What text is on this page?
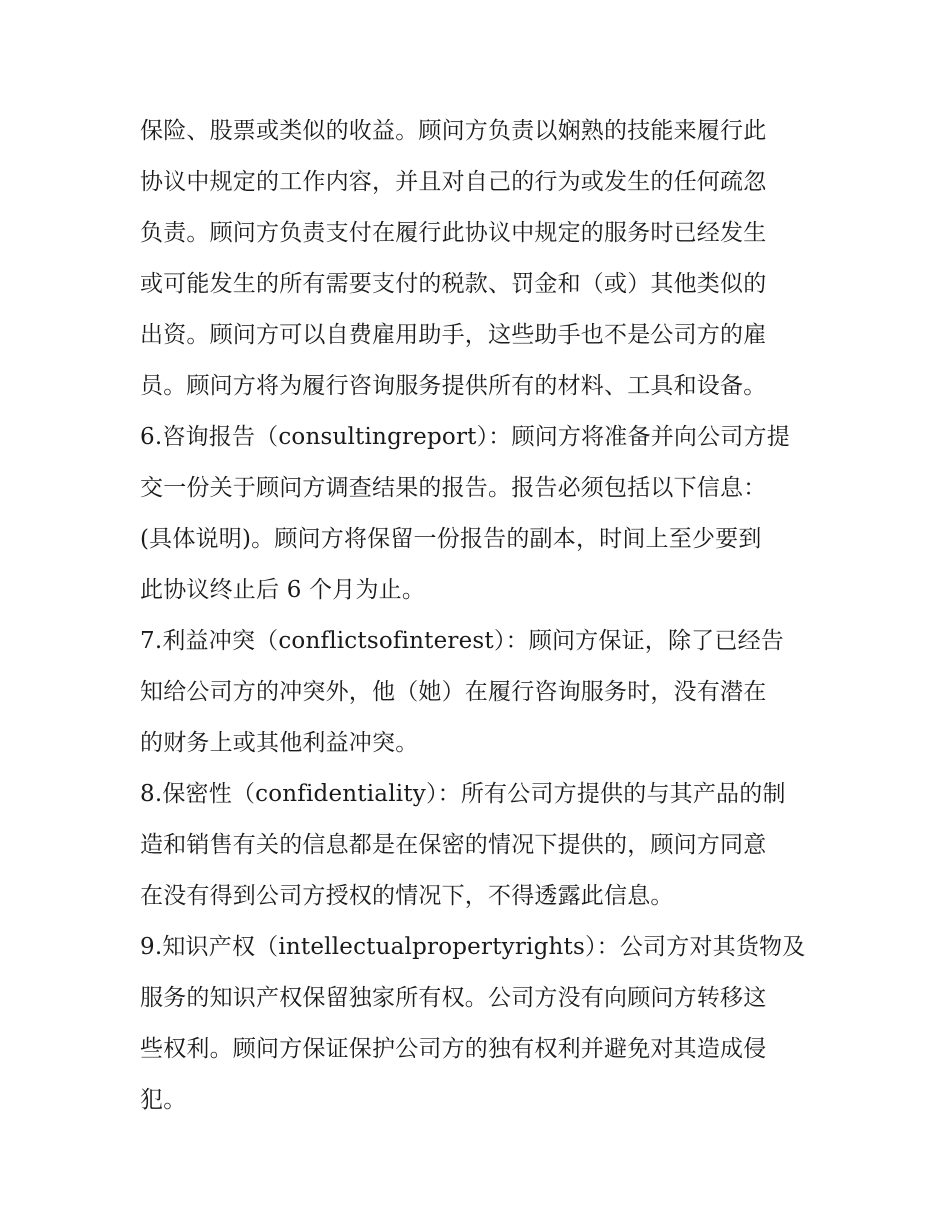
保险、股票或类似的收益。顾问方负责以娴熟的技能来履行此
协议中规定的工作内容，并且对自己的行为或发生的任何疏忽
负责。顾问方负责支付在履行此协议中规定的服务时已经发生
或可能发生的所有需要支付的税款、罚金和（或）其他类似的
出资。顾问方可以自费雇用助手，这些助手也不是公司方的雇
员。顾问方将为履行咨询服务提供所有的材料、工具和设备。
6.咨询报告（consultingreport）：顾问方将准备并向公司方提
交一份关于顾问方调查结果的报告。报告必须包括以下信息：
(具体说明)。顾问方将保留一份报告的副本，时间上至少要到
此协议终止后 6 个月为止。
7.利益冲突（conflictsofinterest）：顾问方保证，除了已经告
知给公司方的冲突外，他（她）在履行咨询服务时，没有潜在
的财务上或其他利益冲突。
8.保密性（confidentiality）：所有公司方提供的与其产品的制
造和销售有关的信息都是在保密的情况下提供的，顾问方同意
在没有得到公司方授权的情况下，不得透露此信息。
9.知识产权（intellectualpropertyrights）：公司方对其货物及
服务的知识产权保留独家所有权。公司方没有向顾问方转移这
些权利。顾问方保证保护公司方的独有权利并避免对其造成侵
犯。
